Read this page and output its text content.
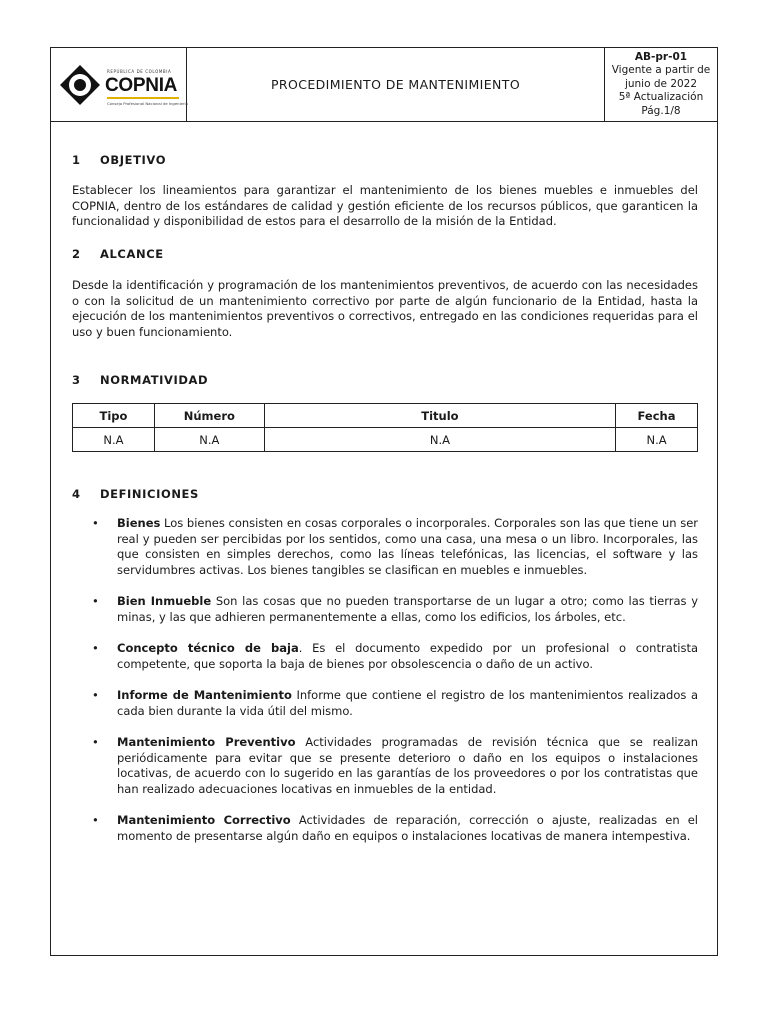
REPÚBLICA DE COLOMBIA
COPNIA
Consejo Profesional Nacional de Ingeniería
PROCEDIMIENTO DE MANTENIMIENTO
AB-pr-01
Vigente a partir de
junio de 2022
5ª Actualización
Pág.1/8
1 OBJETIVO
Establecer los lineamientos para garantizar el mantenimiento de los bienes muebles e inmuebles del COPNIA, dentro de los estándares de calidad y gestión eficiente de los recursos públicos, que garanticen la funcionalidad y disponibilidad de estos para el desarrollo de la misión de la Entidad.
2 ALCANCE
Desde la identificación y programación de los mantenimientos preventivos, de acuerdo con las necesidades o con la solicitud de un mantenimiento correctivo por parte de algún funcionario de la Entidad, hasta la ejecución de los mantenimientos preventivos o correctivos, entregado en las condiciones requeridas para el uso y buen funcionamiento.
3 NORMATIVIDAD
Tipo	Número	Titulo	Fecha
N.A	N.A	N.A	N.A
4 DEFINICIONES
• Bienes Los bienes consisten en cosas corporales o incorporales. Corporales son las que tiene un ser real y pueden ser percibidas por los sentidos, como una casa, una mesa o un libro. Incorporales, las que consisten en simples derechos, como las líneas telefónicas, las licencias, el software y las servidumbres activas. Los bienes tangibles se clasifican en muebles e inmuebles.
• Bien Inmueble Son las cosas que no pueden transportarse de un lugar a otro; como las tierras y minas, y las que adhieren permanentemente a ellas, como los edificios, los árboles, etc.
• Concepto técnico de baja. Es el documento expedido por un profesional o contratista competente, que soporta la baja de bienes por obsolescencia o daño de un activo.
• Informe de Mantenimiento Informe que contiene el registro de los mantenimientos realizados a cada bien durante la vida útil del mismo.
• Mantenimiento Preventivo Actividades programadas de revisión técnica que se realizan periódicamente para evitar que se presente deterioro o daño en los equipos o instalaciones locativas, de acuerdo con lo sugerido en las garantías de los proveedores o por los contratistas que han realizado adecuaciones locativas en inmuebles de la entidad.
• Mantenimiento Correctivo Actividades de reparación, corrección o ajuste, realizadas en el momento de presentarse algún daño en equipos o instalaciones locativas de manera intempestiva.
